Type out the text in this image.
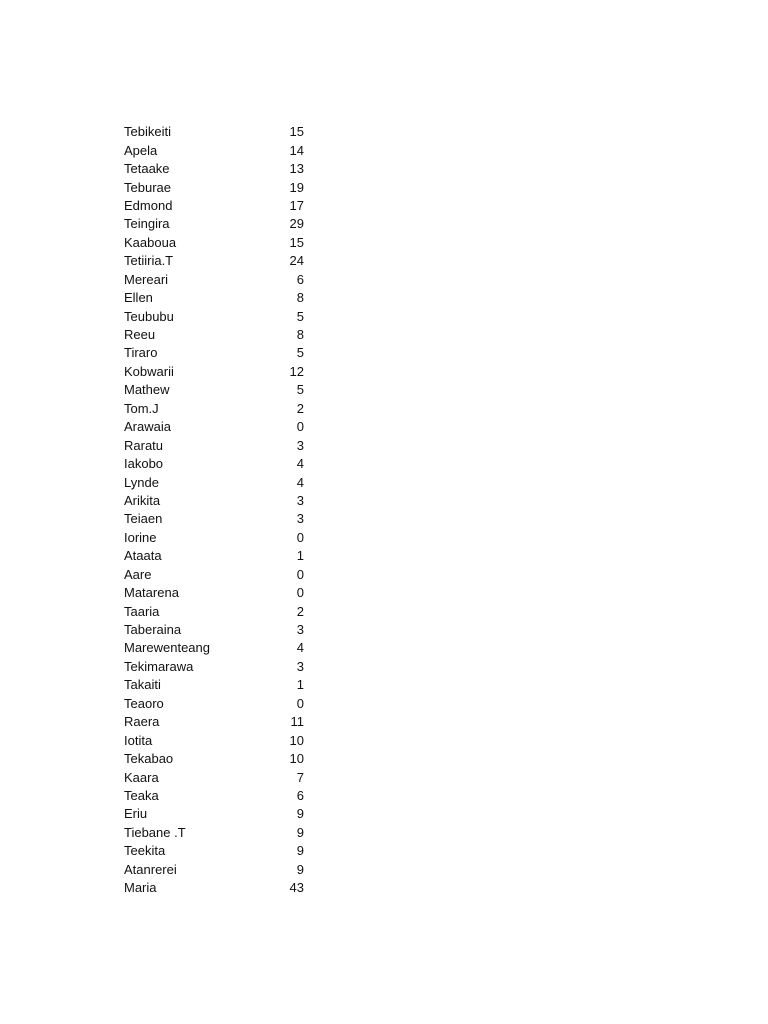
Tebikeiti	15
Apela	14
Tetaake	13
Teburae	19
Edmond	17
Teingira	29
Kaaboua	15
Tetiiria.T	24
Mereari	6
Ellen	8
Teububu	5
Reeu	8
Tiraro	5
Kobwarii	12
Mathew	5
Tom.J	2
Arawaia	0
Raratu	3
Iakobo	4
Lynde	4
Arikita	3
Teiaen	3
Iorine	0
Ataata	1
Aare	0
Matarena	0
Taaria	2
Taberaina	3
Marewenteang	4
Tekimarawa	3
Takaiti	1
Teaoro	0
Raera	11
Iotita	10
Tekabao	10
Kaara	7
Teaka	6
Eriu	9
Tiebane .T	9
Teekita	9
Atanrerei	9
Maria	43
